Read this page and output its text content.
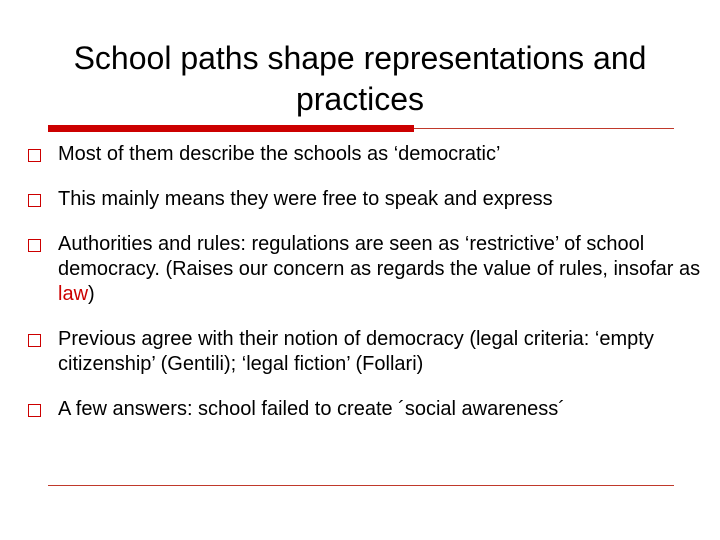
School paths shape representations and practices
Most of them describe the schools as ‘democratic’
This mainly means they were free to speak and express
Authorities and rules: regulations are seen as ‘restrictive’ of school democracy. (Raises our concern as regards the value of rules, insofar as law)
Previous agree with their notion of democracy (legal criteria: ‘empty citizenship’ (Gentili); ‘legal fiction’ (Follari)
A few answers: school failed to create ´social awareness´
